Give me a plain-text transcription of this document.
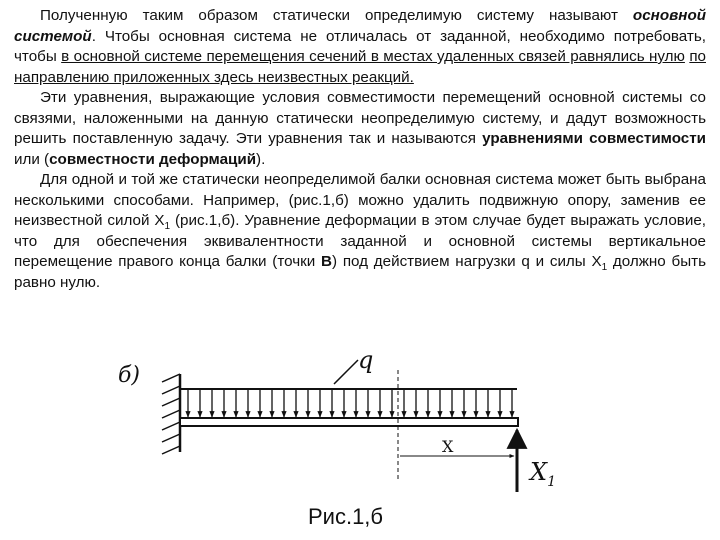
Полученную таким образом статически определимую систему называют основной системой. Чтобы основная система не отличалась от заданной, необходимо потребовать, чтобы в основной системе перемещения сечений в местах удаленных связей равнялись нулю по направлению приложенных здесь неизвестных реакций.

Эти уравнения, выражающие условия совместимости перемещений основной системы со связями, наложенными на данную статически неопределимую систему, и дадут возможность решить поставленную задачу. Эти уравнения так и называются уравнениями совместимости или (совместности деформаций).

Для одной и той же статически неопределимой балки основная система может быть выбрана несколькими способами. Например, (рис.1,б) можно удалить подвижную опору, заменив ее неизвестной силой $Х_1$ (рис.1,б). Уравнение деформации в этом случае будет выражать условие, что для обеспечения эквивалентности заданной и основной системы вертикальное перемещение правого конца балки (точки В) под действием нагрузки q и силы $Х_1$ должно быть равно нулю.

б)
q
X
$X_1$
Рис.1,б
